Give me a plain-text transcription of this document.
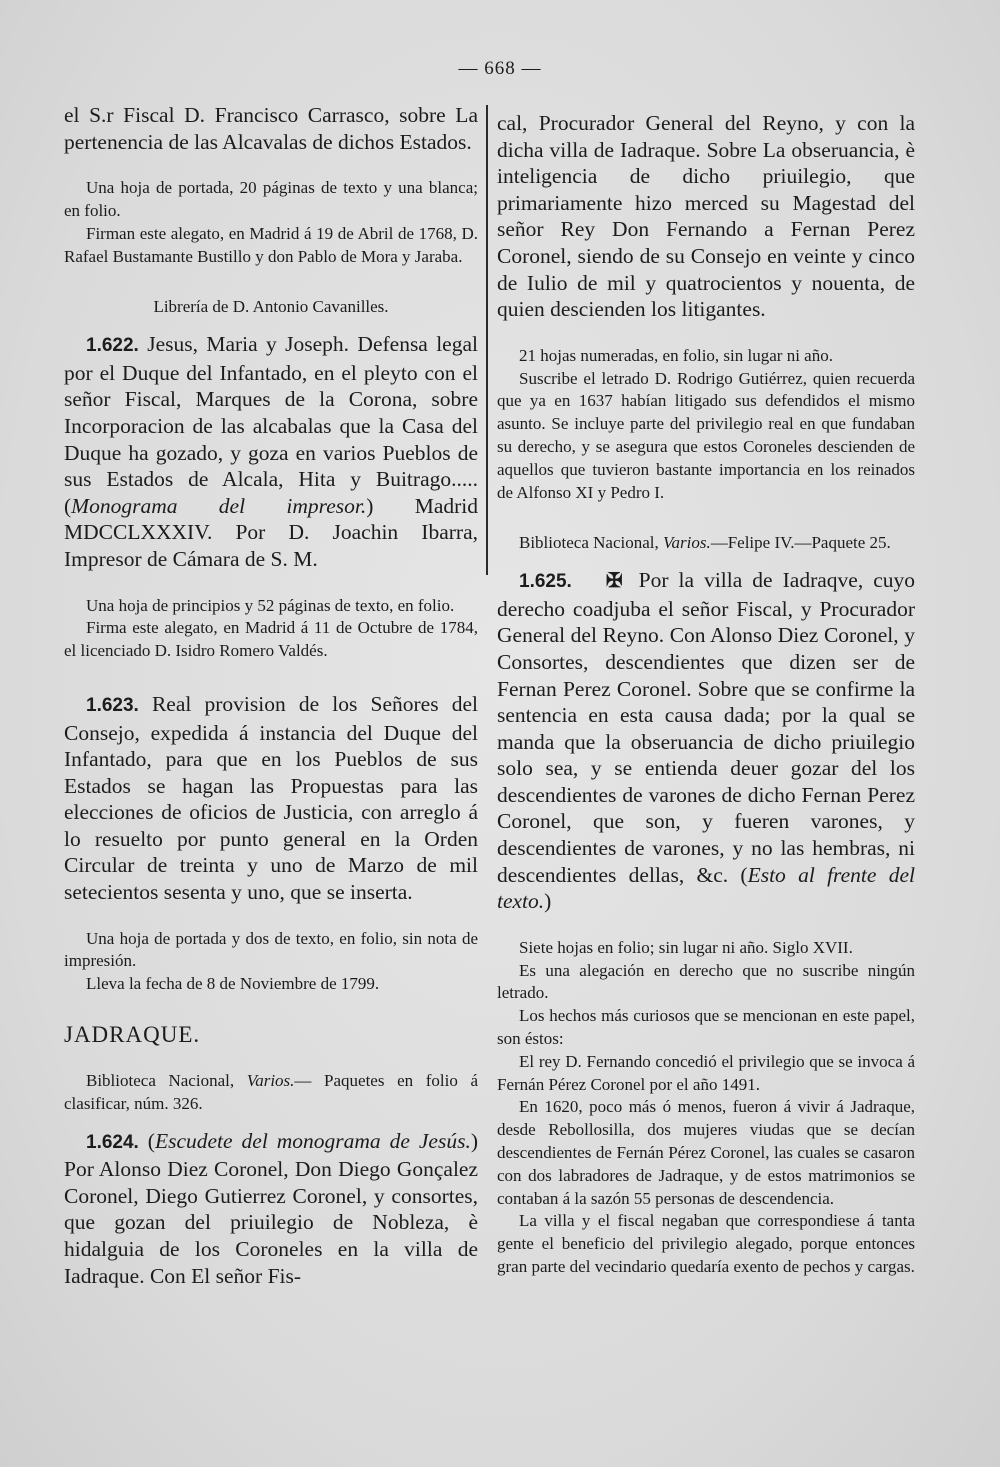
— 668 —

el S.r Fiscal D. Francisco Carrasco, sobre La pertenencia de las Alcavalas de dichos Estados.

Una hoja de portada, 20 páginas de texto y una blanca; en folio.

Firman este alegato, en Madrid á 19 de Abril de 1768, D. Rafael Bustamante Bustillo y don Pablo de Mora y Jaraba.

Librería de D. Antonio Cavanilles.

1.622. Jesus, Maria y Joseph. Defensa legal por el Duque del Infantado, en el pleyto con el señor Fiscal, Marques de la Corona, sobre Incorporacion de las alcabalas que la Casa del Duque ha gozado, y goza en varios Pueblos de sus Estados de Alcala, Hita y Buitrago..... (Monograma del impresor.) Madrid MDCCLXXXIV. Por D. Joachin Ibarra, Impresor de Cámara de S. M.

Una hoja de principios y 52 páginas de texto, en folio.

Firma este alegato, en Madrid á 11 de Octubre de 1784, el licenciado D. Isidro Romero Valdés.

1.623. Real provision de los Señores del Consejo, expedida á instancia del Duque del Infantado, para que en los Pueblos de sus Estados se hagan las Propuestas para las elecciones de oficios de Justicia, con arreglo á lo resuelto por punto general en la Orden Circular de treinta y uno de Marzo de mil setecientos sesenta y uno, que se inserta.

Una hoja de portada y dos de texto, en folio, sin nota de impresión.

Lleva la fecha de 8 de Noviembre de 1799.

JADRAQUE.

Biblioteca Nacional, Varios.— Paquetes en folio á clasificar, núm. 326.

1.624. (Escudete del monograma de Jesús.) Por Alonso Diez Coronel, Don Diego Gonçalez Coronel, Diego Gutierrez Coronel, y consortes, que gozan del priuilegio de Nobleza, è hidalguia de los Coroneles en la villa de Iadraque. Con El señor Fis-

cal, Procurador General del Reyno, y con la dicha villa de Iadraque. Sobre La obseruancia, è inteligencia de dicho priuilegio, que primariamente hizo merced su Magestad del señor Rey Don Fernando a Fernan Perez Coronel, siendo de su Consejo en veinte y cinco de Iulio de mil y quatrocientos y nouenta, de quien descienden los litigantes.

21 hojas numeradas, en folio, sin lugar ni año.

Suscribe el letrado D. Rodrigo Gutiérrez, quien recuerda que ya en 1637 habían litigado sus defendidos el mismo asunto. Se incluye parte del privilegio real en que fundaban su derecho, y se asegura que estos Coroneles descienden de aquellos que tuvieron bastante importancia en los reinados de Alfonso XI y Pedro I.

Biblioteca Nacional, Varios.—Felipe IV.—Paquete 25.

1.625. ✠ Por la villa de Iadraqve, cuyo derecho coadjuba el señor Fiscal, y Procurador General del Reyno. Con Alonso Diez Coronel, y Consortes, descendientes que dizen ser de Fernan Perez Coronel. Sobre que se confirme la sentencia en esta causa dada; por la qual se manda que la obseruancia de dicho priuilegio solo sea, y se entienda deuer gozar del los descendientes de varones de dicho Fernan Perez Coronel, que son, y fueren varones, y descendientes de varones, y no las hembras, ni descendientes dellas, &c. (Esto al frente del texto.)

Siete hojas en folio; sin lugar ni año. Siglo XVII.

Es una alegación en derecho que no suscribe ningún letrado.

Los hechos más curiosos que se mencionan en este papel, son éstos:

El rey D. Fernando concedió el privilegio que se invoca á Fernán Pérez Coronel por el año 1491.

En 1620, poco más ó menos, fueron á vivir á Jadraque, desde Rebollosilla, dos mujeres viudas que se decían descendientes de Fernán Pérez Coronel, las cuales se casaron con dos labradores de Jadraque, y de estos matrimonios se contaban á la sazón 55 personas de descendencia.

La villa y el fiscal negaban que correspondiese á tanta gente el beneficio del privilegio alegado, porque entonces gran parte del vecindario quedaría exento de pechos y cargas.
